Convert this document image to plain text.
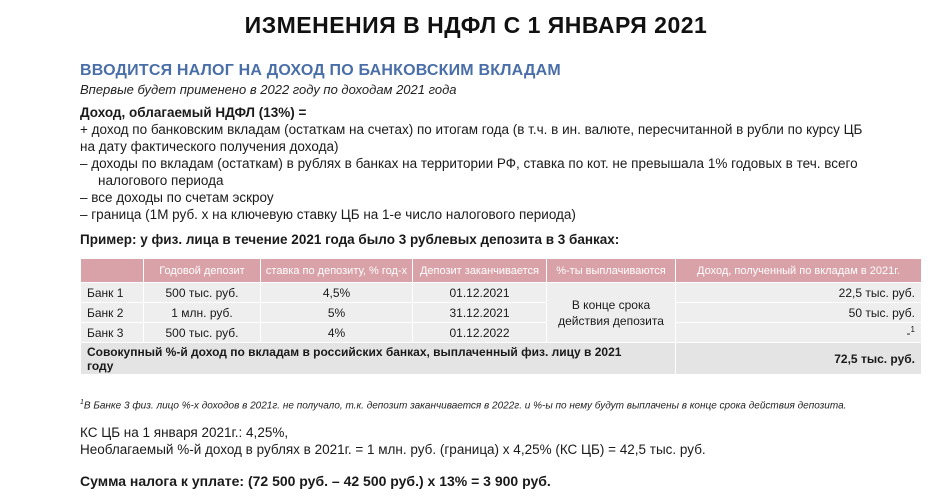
ИЗМЕНЕНИЯ В НДФЛ С 1 ЯНВАРЯ 2021
ВВОДИТСЯ НАЛОГ НА ДОХОД ПО БАНКОВСКИМ ВКЛАДАМ
Впервые будет применено в 2022 году по доходам 2021 года
Доход, облагаемый НДФЛ (13%) =
+ доход по банковским вкладам (остаткам на счетах) по итогам года (в т.ч. в ин. валюте, пересчитанной в рубли по курсу ЦБ
на дату фактического получения дохода)
– доходы по вкладам (остаткам) в рублях в банках на территории РФ, ставка по кот. не превышала 1% годовых в теч. всего
налогового периода
– все доходы по счетам эскроу
– граница (1М руб. х на ключевую ставку ЦБ на 1-е число налогового периода)
Пример: у физ. лица в течение 2021 года было 3 рублевых депозита в 3 банках:
	Годовой депозит	ставка по депозиту, % год-х	Депозит заканчивается	%-ты выплачиваются	Доход, полученный по вкладам в 2021г.
Банк 1	500 тыс. руб.	4,5%	01.12.2021	В конце срока
действия депозита	22,5 тыс. руб.
Банк 2	1 млн. руб.	5%	31.12.2021		50 тыс. руб.
Банк 3	500 тыс. руб.	4%	01.12.2022		-$^1$
Совокупный %-й доход по вкладам в российских банках, выплаченный физ. лицу в 2021
году					72,5 тыс. руб.
$^1$В Банке 3 физ. лицо %-х доходов в 2021г. не получало, т.к. депозит заканчивается в 2022г. и %-ы по нему будут выплачены в конце срока действия депозита.
КС ЦБ на 1 января 2021г.: 4,25%,
Необлагаемый %-й доход в рублях в 2021г. = 1 млн. руб. (граница) х 4,25% (КС ЦБ) = 42,5 тыс. руб.
Сумма налога к уплате: (72 500 руб. – 42 500 руб.) х 13% = 3 900 руб.
